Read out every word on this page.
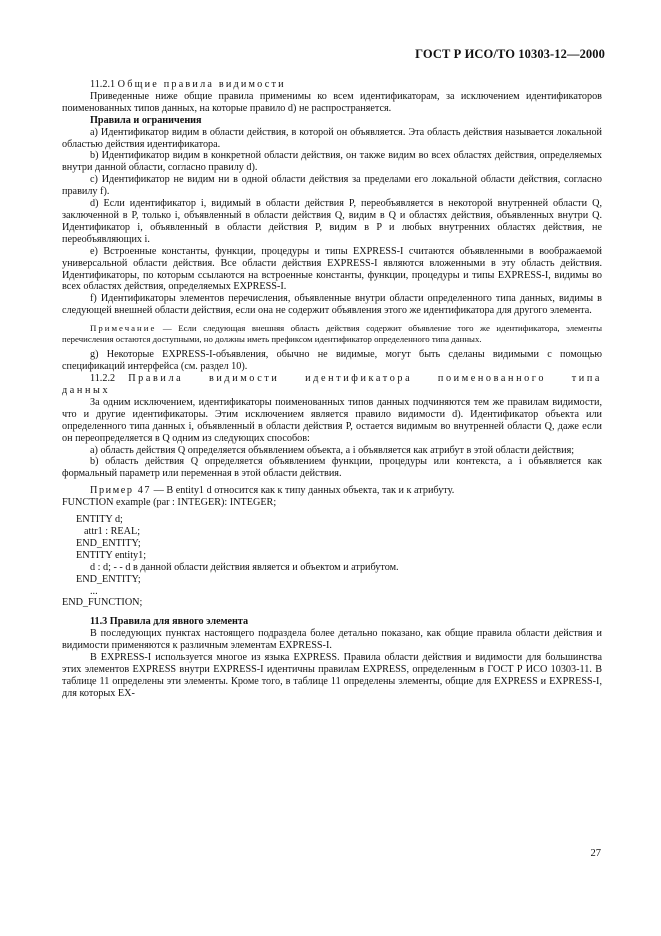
ГОСТ Р ИСО/ТО 10303-12—2000

11.2.1 Общие правила видимости

Приведенные ниже общие правила применимы ко всем идентификаторам, за исключением идентификаторов поименованных типов данных, на которые правило d) не распространяется.

Правила и ограничения

a) Идентификатор видим в области действия, в которой он объявляется. Эта область действия называется локальной областью действия идентификатора.

b) Идентификатор видим в конкретной области действия, он также видим во всех областях действия, определяемых внутри данной области, согласно правилу d).

c) Идентификатор не видим ни в одной области действия за пределами его локальной области действия, согласно правилу f).

d) Если идентификатор i, видимый в области действия P, переобъявляется в некоторой внутренней области Q, заключенной в P, только i, объявленный в области действия Q, видим в Q и областях действия, объявленных внутри Q. Идентификатор i, объявленный в области действия P, видим в P и любых внутренних областях действия, не переобъявляющих i.

e) Встроенные константы, функции, процедуры и типы EXPRESS-I считаются объявленными в воображаемой универсальной области действия. Все области действия EXPRESS-I являются вложенными в эту область действия. Идентификаторы, по которым ссылаются на встроенные константы, функции, процедуры и типы EXPRESS-I, видимы во всех областях действия, определяемых EXPRESS-I.

f) Идентификаторы элементов перечисления, объявленные внутри области определенного типа данных, видимы в следующей внешней области действия, если она не содержит объявления этого же идентификатора для другого элемента.

Примечание — Если следующая внешняя область действия содержит объявление того же идентификатора, элементы перечисления остаются доступными, но должны иметь префиксом идентификатор определенного типа данных.

g) Некоторые EXPRESS-I-объявления, обычно не видимые, могут быть сделаны видимыми с помощью спецификаций интерфейса (см. раздел 10).

11.2.2 Правила видимости идентификатора поименованного типа данных

За одним исключением, идентификаторы поименованных типов данных подчиняются тем же правилам видимости, что и другие идентификаторы. Этим исключением является правило видимости d). Идентификатор объекта или определенного типа данных i, объявленный в области действия P, остается видимым во внутренней области Q, даже если он переопределяется в Q одним из следующих способов:

a) область действия Q определяется объявлением объекта, а i объявляется как атрибут в этой области действия;

b) область действия Q определяется объявлением функции, процедуры или контекста, а i объявляется как формальный параметр или переменная в этой области действия.

Пример 47 — В entity1 d относится как к типу данных объекта, так и к атрибуту.

FUNCTION example (par : INTEGER): INTEGER;

ENTITY d;

attr1 : REAL;

END_ENTITY;

ENTITY entity1;

d : d; - - d в данной области действия является и объектом и атрибутом.

END_ENTITY;

...

END_FUNCTION;

11.3 Правила для явного элемента

В последующих пунктах настоящего подраздела более детально показано, как общие правила области действия и видимости применяются к различным элементам EXPRESS-I.

В EXPRESS-I используется многое из языка EXPRESS. Правила области действия и видимости для большинства этих элементов EXPRESS внутри EXPRESS-I идентичны правилам EXPRESS, определенным в ГОСТ Р ИСО 10303-11. В таблице 11 определены эти элементы. Кроме того, в таблице 11 определены элементы, общие для EXPRESS и EXPRESS-I, для которых EX-

27
